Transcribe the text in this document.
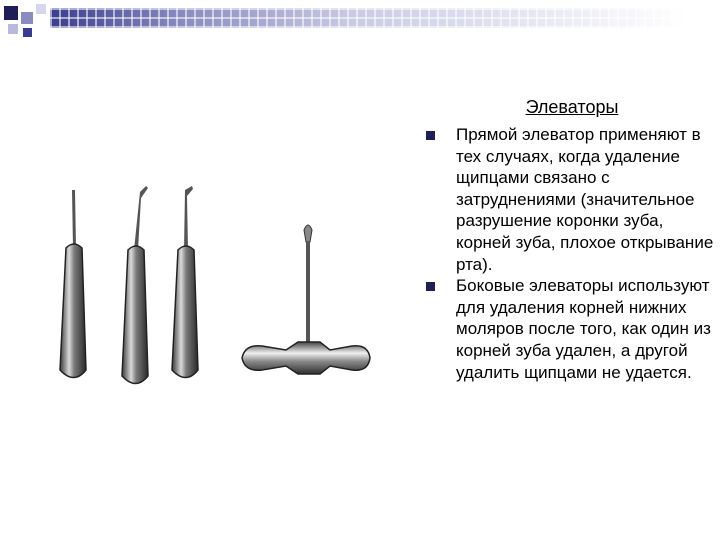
Элеваторы
Прямой элеватор применяют в тех случаях, когда удаление щипцами связано с затруднениями (значительное разрушение коронки зуба, корней зуба, плохое открывание рта).
Боковые элеваторы используют для удаления корней нижних моляров после того, как один из корней зуба удален, а другой удалить щипцами не удается.
